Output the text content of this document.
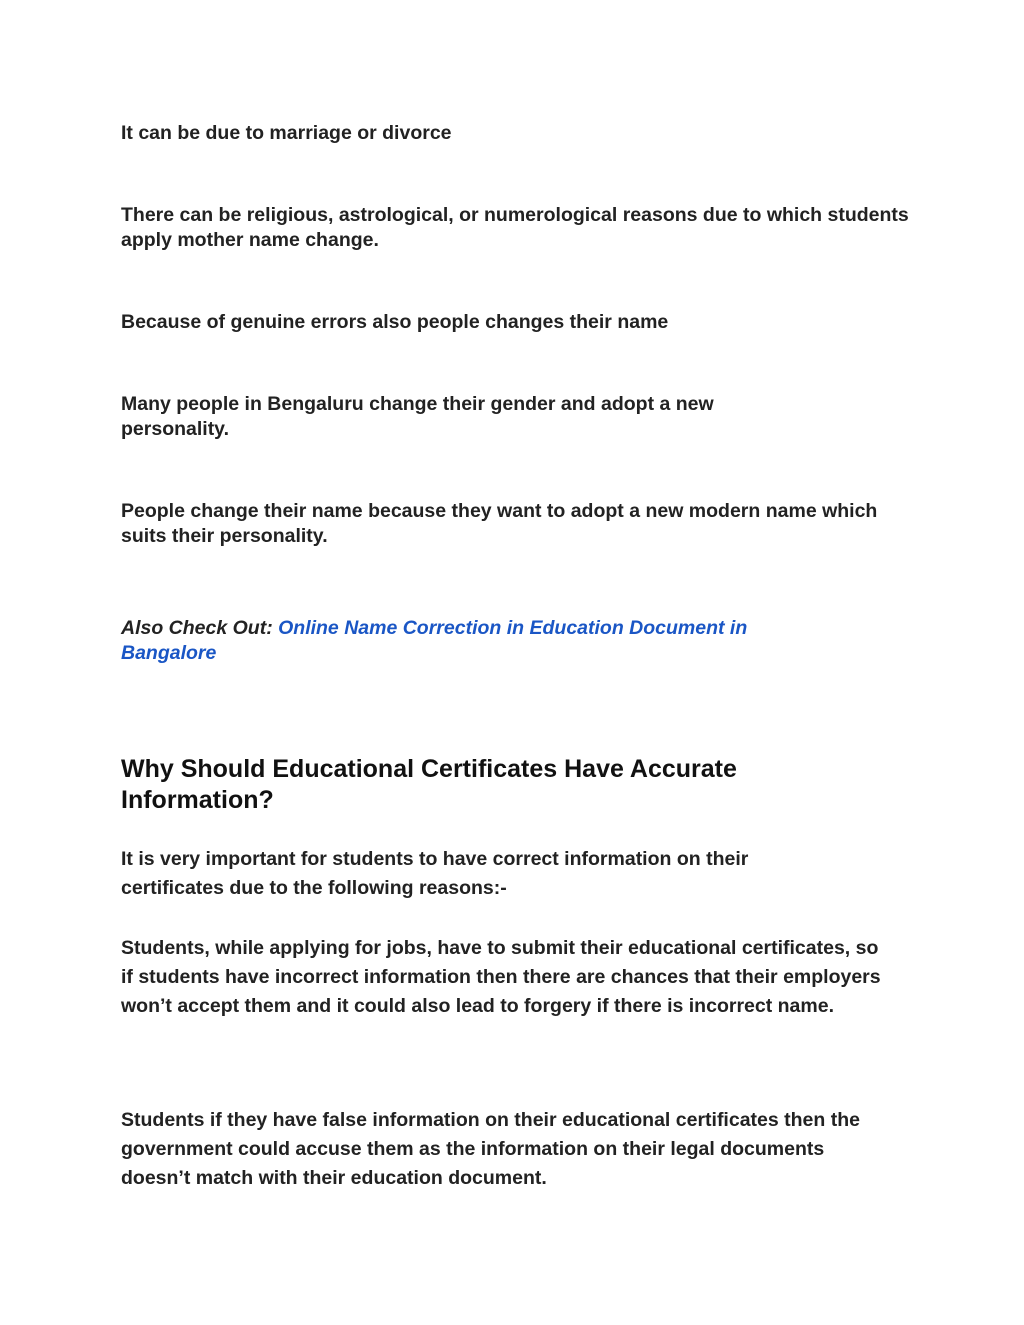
It can be due to marriage or divorce

There can be religious, astrological, or numerological reasons due to which students apply mother name change.

Because of genuine errors also people changes their name

Many people in Bengaluru change their gender and adopt a new personality.

People change their name because they want to adopt a new modern name which suits their personality.

Also Check Out: Online Name Correction in Education Document in Bangalore

Why Should Educational Certificates Have Accurate Information?

It is very important for students to have correct information on their certificates due to the following reasons:-

Students, while applying for jobs, have to submit their educational certificates, so if students have incorrect information then there are chances that their employers won’t accept them and it could also lead to forgery if there is incorrect name.

Students if they have false information on their educational certificates then the government could accuse them as the information on their legal documents doesn’t match with their education document.
